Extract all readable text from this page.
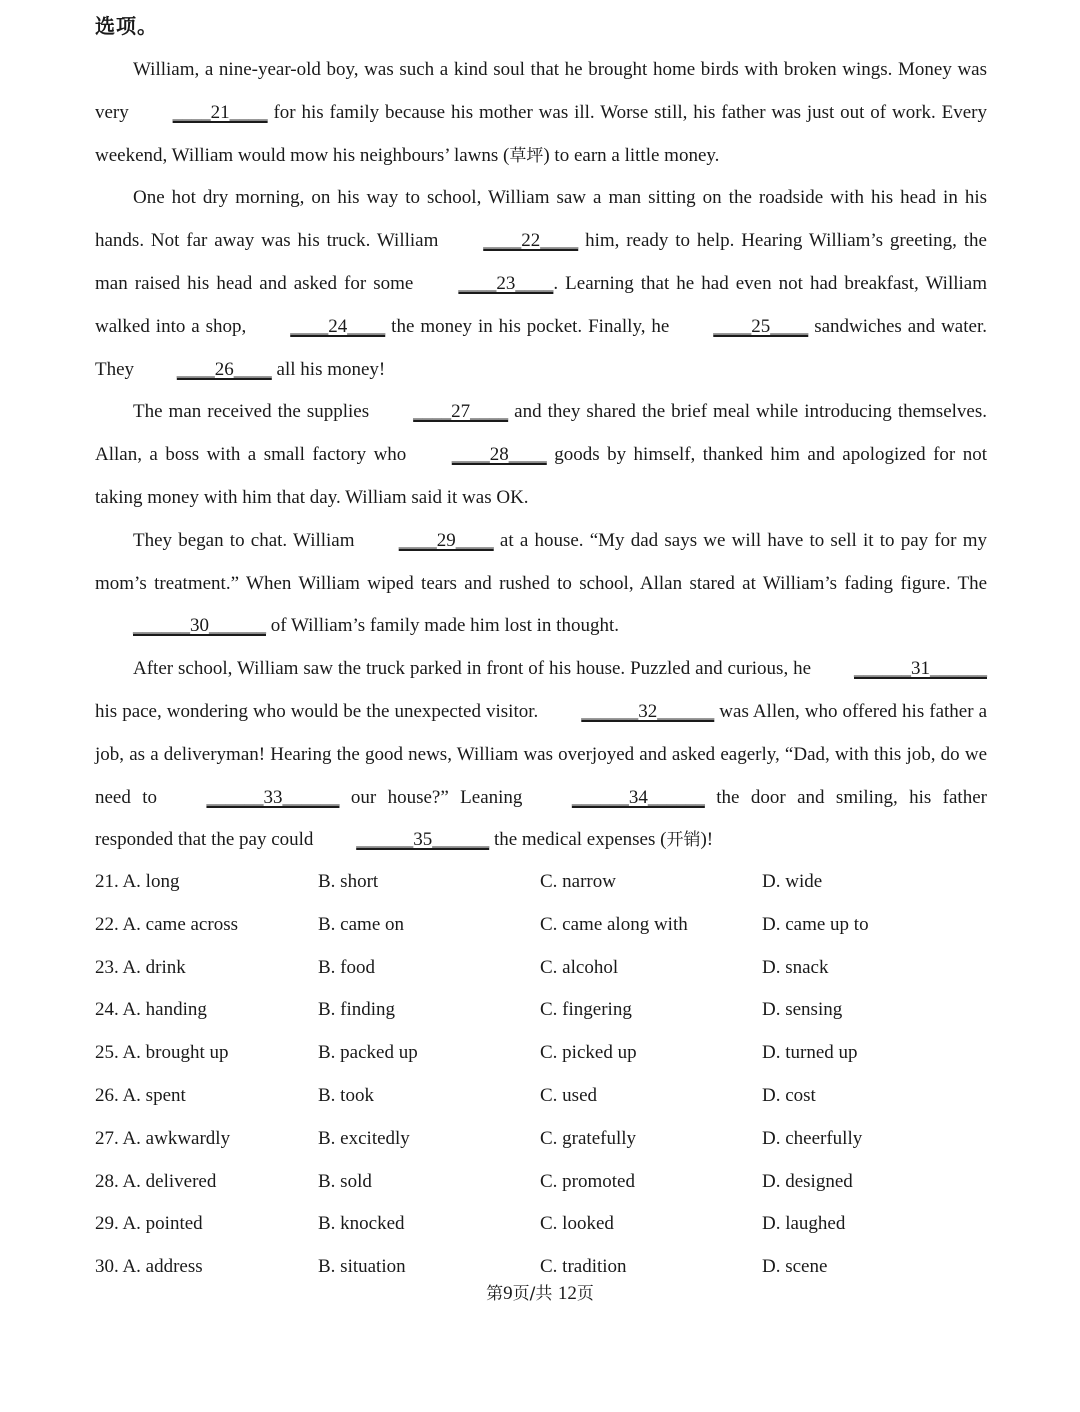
选项。

William, a nine-year-old boy, was such a kind soul that he brought home birds with broken wings. Money was very ____21____ for his family because his mother was ill. Worse still, his father was just out of work. Every weekend, William would mow his neighbours’ lawns (草坪) to earn a little money.

One hot dry morning, on his way to school, William saw a man sitting on the roadside with his head in his hands. Not far away was his truck. William ____22____ him, ready to help. Hearing William’s greeting, the man raised his head and asked for some ____23____. Learning that he had even not had breakfast, William walked into a shop, ____24____ the money in his pocket. Finally, he ____25____ sandwiches and water. They ____26____ all his money!

The man received the supplies ____27____ and they shared the brief meal while introducing themselves. Allan, a boss with a small factory who ____28____ goods by himself, thanked him and apologized for not taking money with him that day. William said it was OK.

They began to chat. William ____29____ at a house. “My dad says we will have to sell it to pay for my mom’s treatment.” When William wiped tears and rushed to school, Allan stared at William’s fading figure. The ______30______ of William’s family made him lost in thought.

After school, William saw the truck parked in front of his house. Puzzled and curious, he ______31______ his pace, wondering who would be the unexpected visitor. ______32______ was Allen, who offered his father a job, as a deliveryman! Hearing the good news, William was overjoyed and asked eagerly, “Dad, with this job, do we need to ______33______ our house?” Leaning ______34______ the door and smiling, his father responded that the pay could ______35______ the medical expenses (开销)!

21. A. long	B. short	C. narrow	D. wide
22. A. came across	B. came on	C. came along with	D. came up to
23. A. drink	B. food	C. alcohol	D. snack
24. A. handing	B. finding	C. fingering	D. sensing
25. A. brought up	B. packed up	C. picked up	D. turned up
26. A. spent	B. took	C. used	D. cost
27. A. awkwardly	B. excitedly	C. gratefully	D. cheerfully
28. A. delivered	B. sold	C. promoted	D. designed
29. A. pointed	B. knocked	C. looked	D. laughed
30. A. address	B. situation	C. tradition	D. scene
第9页/共 12页
